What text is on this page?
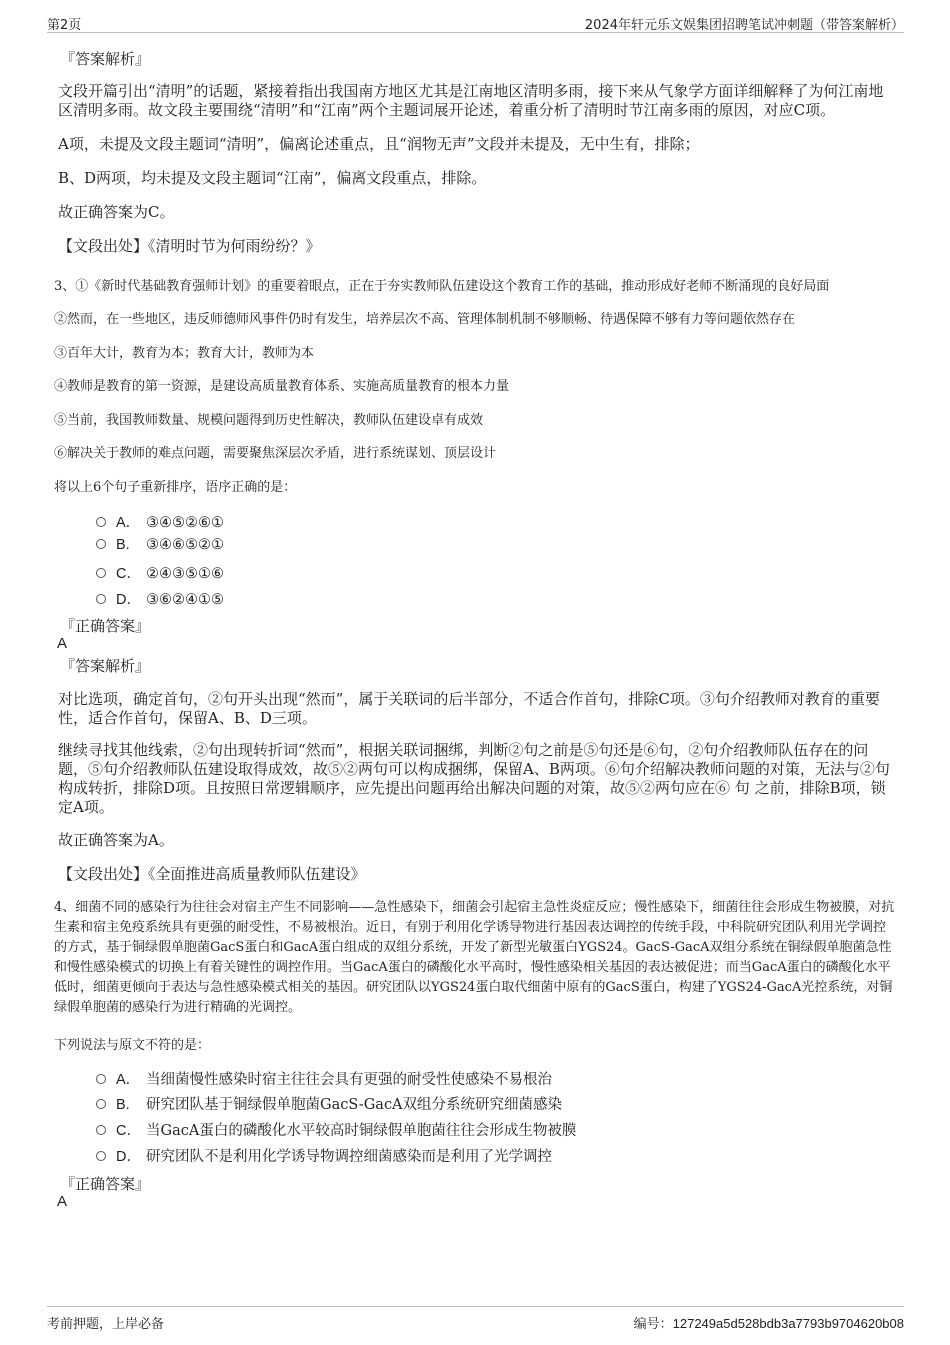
第2页	2024年轩元乐文娱集团招聘笔试冲刺题（带答案解析）
『答案解析』
文段开篇引出“清明”的话题，紧接着指出我国南方地区尤其是江南地区清明多雨，接下来从气象学方面详细解释了为何江南地区清明多雨。故文段主要围绕“清明”和“江南”两个主题词展开论述，着重分析了清明时节江南多雨的原因，对应C项。
A项，未提及文段主题词“清明”，偏离论述重点，且“润物无声”文段并未提及，无中生有，排除；
B、D两项，均未提及文段主题词“江南”，偏离文段重点，排除。
故正确答案为C。
【文段出处】《清明时节为何雨纷纷？》
3、①《新时代基础教育强师计划》的重要着眼点，正在于夯实教师队伍建设这个教育工作的基础，推动形成好老师不断涌现的良好局面
②然而，在一些地区，违反师德师风事件仍时有发生，培养层次不高、管理体制机制不够顺畅、待遇保障不够有力等问题依然存在
③百年大计，教育为本；教育大计，教师为本
④教师是教育的第一资源，是建设高质量教育体系、实施高质量教育的根本力量
⑤当前，我国教师数量、规模问题得到历史性解决，教师队伍建设卓有成效
⑥解决关于教师的难点问题，需要聚焦深层次矛盾，进行系统谋划、顶层设计
将以上6个句子重新排序，语序正确的是：
A． ③④⑤②⑥①
B. ③④⑥⑤②①
C． ②④③⑤①⑥
D． ③⑥②④①⑤
『正确答案』
A
『答案解析』
对比选项，确定首句，②句开头出现“然而”，属于关联词的后半部分，不适合作首句，排除C项。③句介绍教师对教育的重要性，适合作首句，保留A、B、D三项。
继续寻找其他线索，②句出现转折词“然而”，根据关联词捆绑，判断②句之前是⑤句还是⑥句，②句介绍教师队伍存在的问题，⑤句介绍教师队伍建设取得成效，故⑤②两句可以构成捆绑，保留A、B两项。⑥句介绍解决教师问题的对策，无法与②句构成转折，排除D项。且按照日常逻辑顺序，应先提出问题再给出解决问题的对策，故⑤②两句应在⑥ 句 之前，排除B项，锁定A项。
故正确答案为A。
【文段出处】《全面推进高质量教师队伍建设》
4、细菌不同的感染行为往往会对宿主产生不同影响——急性感染下，细菌会引起宿主急性炎症反应；慢性感染下，细菌往往会形成生物被膜，对抗生素和宿主免疫系统具有更强的耐受性，不易被根治。近日，有别于利用化学诱导物进行基因表达调控的传统手段，中科院研究团队利用光学调控的方式，基于铜绿假单胞菌GacS蛋白和GacA蛋白组成的双组分系统，开发了新型光敏蛋白YGS24。GacS-GacA双组分系统在铜绿假单胞菌急性和慢性感染模式的切换上有着关键性的调控作用。当GacA蛋白的磷酸化水平高时，慢性感染相关基因的表达被促进；而当GacA蛋白的磷酸化水平低时，细菌更倾向于表达与急性感染模式相关的基因。研究团队以YGS24蛋白取代细菌中原有的GacS蛋白，构建了YGS24-GacA光控系统，对铜绿假单胞菌的感染行为进行精确的光调控。
下列说法与原文不符的是：
A． 当细菌慢性感染时宿主往往会具有更强的耐受性使感染不易根治
B. 研究团队基于铜绿假单胞菌GacS-GacA双组分系统研究细菌感染
C． 当GacA蛋白的磷酸化水平较高时铜绿假单胞菌往往会形成生物被膜
D． 研究团队不是利用化学诱导物调控细菌感染而是利用了光学调控
『正确答案』
A
考前押题，上岸必备	编号：127249a5d528bdb3a7793b9704620b08
